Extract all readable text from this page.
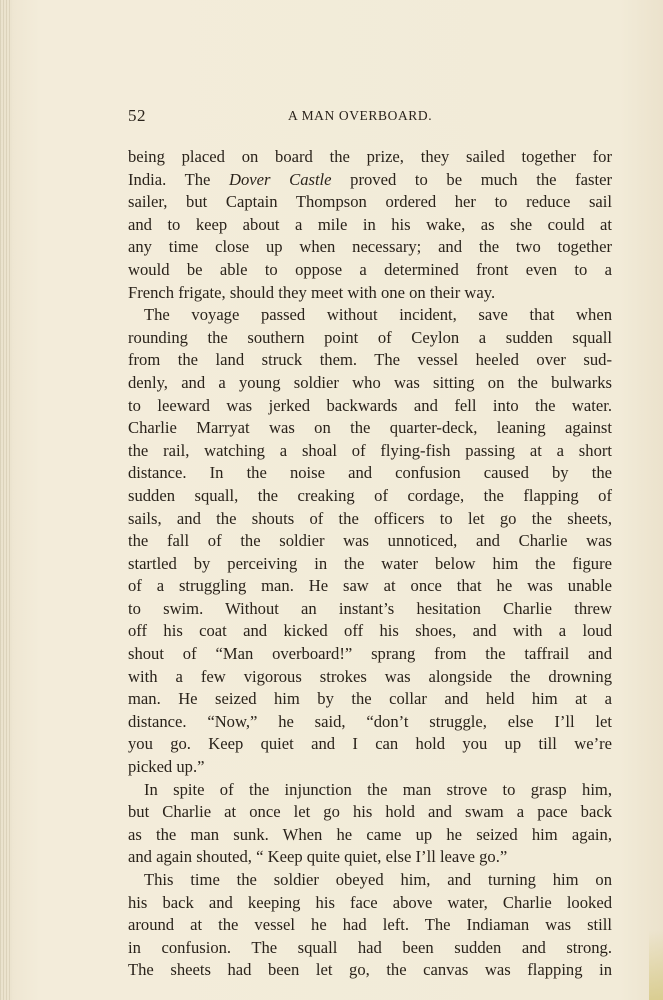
52	A MAN OVERBOARD.
being placed on board the prize, they sailed together for
India. The Dover Castle proved to be much the faster
sailer, but Captain Thompson ordered her to reduce sail
and to keep about a mile in his wake, as she could at
any time close up when necessary; and the two together
would be able to oppose a determined front even to a
French frigate, should they meet with one on their way.
The voyage passed without incident, save that when
rounding the southern point of Ceylon a sudden squall
from the land struck them. The vessel heeled over sud-
denly, and a young soldier who was sitting on the bulwarks
to leeward was jerked backwards and fell into the water.
Charlie Marryat was on the quarter-deck, leaning against
the rail, watching a shoal of flying-fish passing at a short
distance. In the noise and confusion caused by the
sudden squall, the creaking of cordage, the flapping of
sails, and the shouts of the officers to let go the sheets,
the fall of the soldier was unnoticed, and Charlie was
startled by perceiving in the water below him the figure
of a struggling man. He saw at once that he was unable
to swim. Without an instant’s hesitation Charlie threw
off his coat and kicked off his shoes, and with a loud
shout of “Man overboard!” sprang from the taffrail and
with a few vigorous strokes was alongside the drowning
man. He seized him by the collar and held him at a
distance. “Now,” he said, “don’t struggle, else I’ll let
you go. Keep quiet and I can hold you up till we’re
picked up.”
In spite of the injunction the man strove to grasp him,
but Charlie at once let go his hold and swam a pace back
as the man sunk. When he came up he seized him again,
and again shouted, “ Keep quite quiet, else I’ll leave go.”
This time the soldier obeyed him, and turning him on
his back and keeping his face above water, Charlie looked
around at the vessel he had left. The Indiaman was still
in confusion. The squall had been sudden and strong.
The sheets had been let go, the canvas was flapping in
